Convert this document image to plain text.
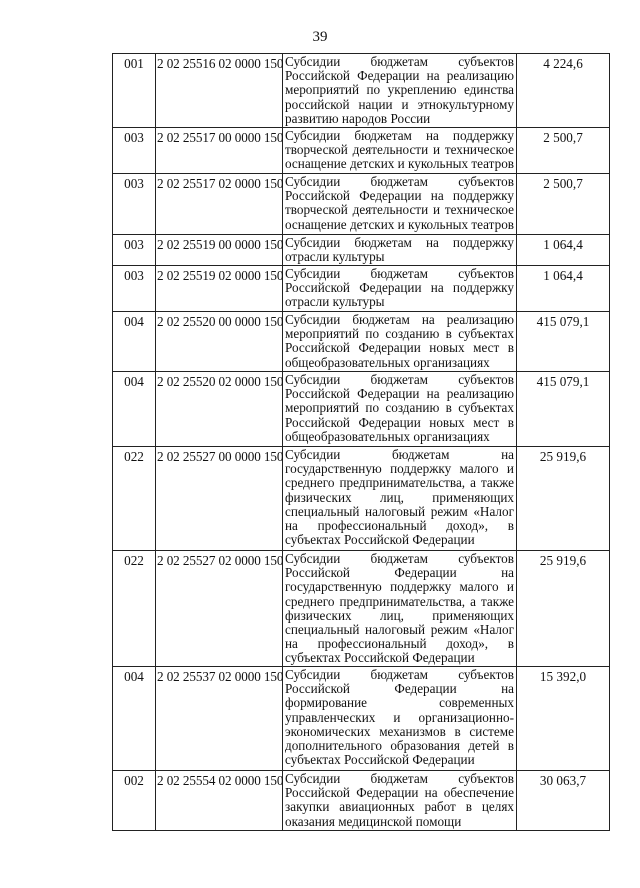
39
001	2 02 25516 02 0000 150	Субсидии бюджетам субъектов Российской Федерации на реализацию мероприятий по укреплению единства российской нации и этнокультурному развитию народов России	4 224,6
003	2 02 25517 00 0000 150	Субсидии бюджетам на поддержку творческой деятельности и техническое оснащение детских и кукольных театров	2 500,7
003	2 02 25517 02 0000 150	Субсидии бюджетам субъектов Российской Федерации на поддержку творческой деятельности и техническое оснащение детских и кукольных театров	2 500,7
003	2 02 25519 00 0000 150	Субсидии бюджетам на поддержку отрасли культуры	1 064,4
003	2 02 25519 02 0000 150	Субсидии бюджетам субъектов Российской Федерации на поддержку отрасли культуры	1 064,4
004	2 02 25520 00 0000 150	Субсидии бюджетам на реализацию мероприятий по созданию в субъектах Российской Федерации новых мест в общеобразовательных организациях	415 079,1
004	2 02 25520 02 0000 150	Субсидии бюджетам субъектов Российской Федерации на реализацию мероприятий по созданию в субъектах Российской Федерации новых мест в общеобразовательных организациях	415 079,1
022	2 02 25527 00 0000 150	Субсидии бюджетам на государственную поддержку малого и среднего предпринимательства, а также физических лиц, применяющих специальный налоговый режим «Налог на профессиональный доход», в субъектах Российской Федерации	25 919,6
022	2 02 25527 02 0000 150	Субсидии бюджетам субъектов Российской Федерации на государственную поддержку малого и среднего предпринимательства, а также физических лиц, применяющих специальный налоговый режим «Налог на профессиональный доход», в субъектах Российской Федерации	25 919,6
004	2 02 25537 02 0000 150	Субсидии бюджетам субъектов Российской Федерации на формирование современных управленческих и организационно-экономических механизмов в системе дополнительного образования детей в субъектах Российской Федерации	15 392,0
002	2 02 25554 02 0000 150	Субсидии бюджетам субъектов Российской Федерации на обеспечение закупки авиационных работ в целях оказания медицинской помощи	30 063,7
